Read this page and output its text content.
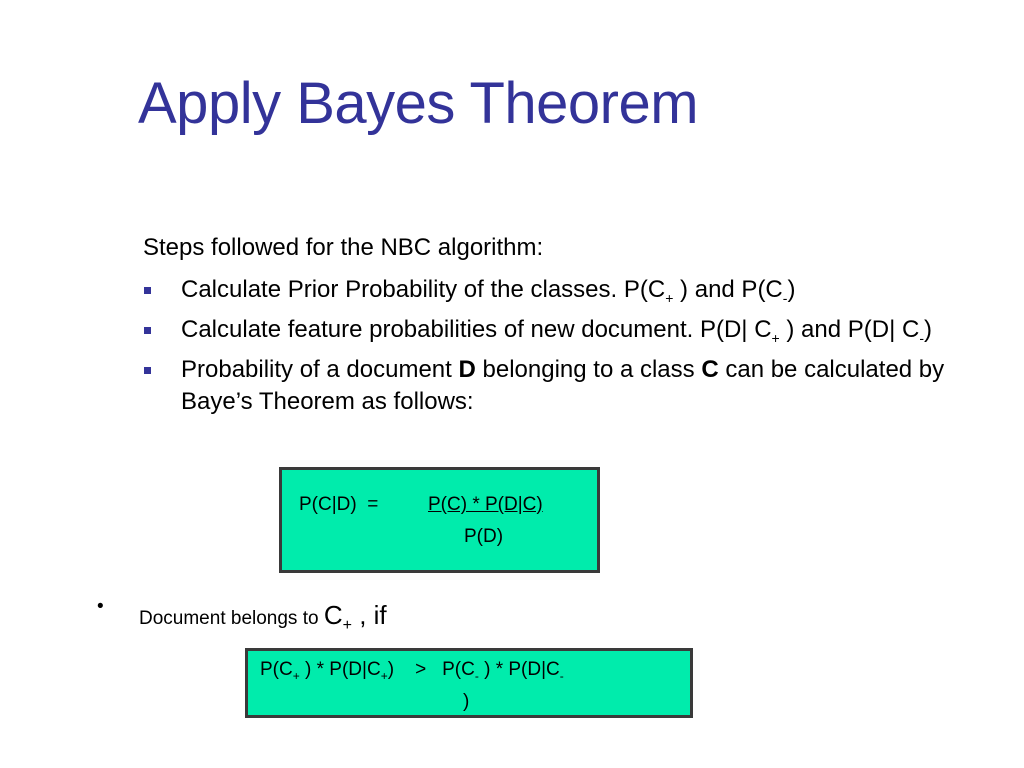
Apply Bayes Theorem
Steps followed for the NBC algorithm:
Calculate Prior Probability of the classes. $P(C_+$ ) and $P(C_-)$
Calculate feature probabilities of new document. P(D| $C_+$ ) and P(D| $C_-$)
Probability of a document D belonging to a class C can be calculated by Baye’s Theorem as follows:
P(C|D)  =	P(C) * P(D|C)
P(D)
•
Document belongs to $C_+$ , if
$P(C_+$ ) * $P(D|C_+)$    >   $P(C_-$ ) * $P(D|C_-$
)
